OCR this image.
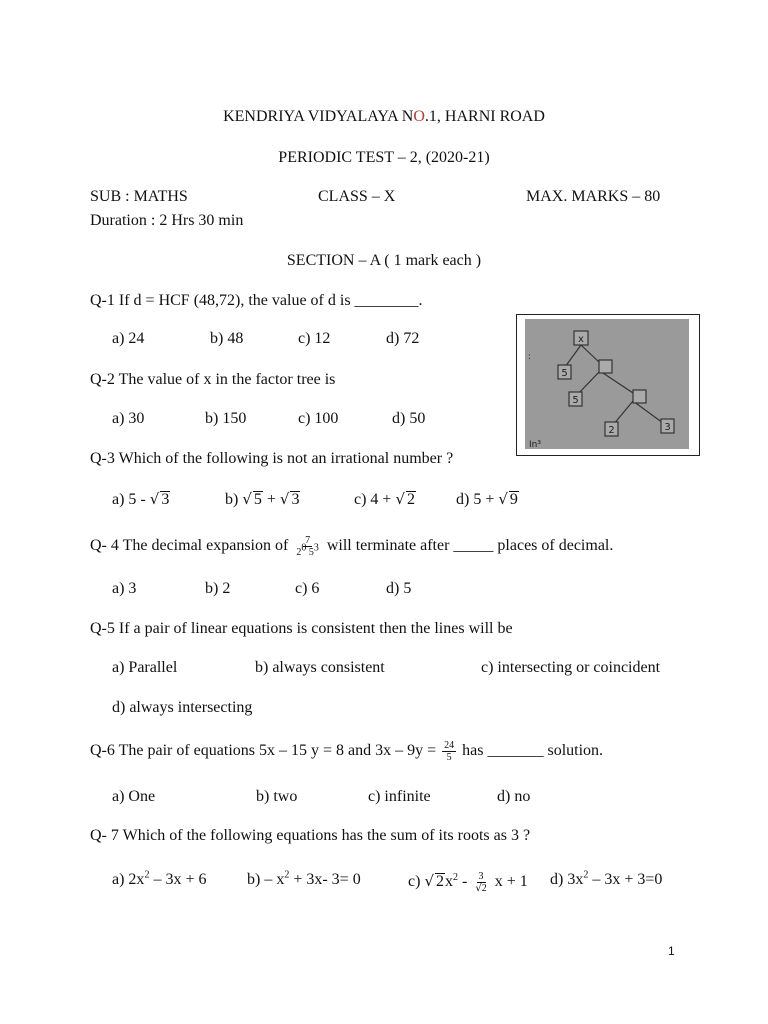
KENDRIYA VIDYALAYA NO.1, HARNI ROAD
PERIODIC TEST – 2, (2020-21)
SUB : MATHS	CLASS – X	MAX. MARKS – 80
Duration : 2 Hrs 30 min
SECTION – A ( 1 mark each )
Q-1 If d = HCF (48,72), the value of d is ________.
a) 24	b) 48	c) 12	d) 72	x
5
5
2	3
In³
:
Q-2 The value of x in the factor tree is
a) 30	b) 150	c) 100	d) 50
Q-3 Which of the following is not an irrational number ?
a) 5 - √ 3	b) √ 5 + √ 3	c) 4 + √ 2	d) 5 + √ 9
Q- 4 The decimal expansion of $\frac{7}{2^0 5^3}$ will terminate after _____ places of decimal.
a) 3	b) 2	c) 6	d) 5
Q-5 If a pair of linear equations is consistent then the lines will be
a) Parallel	b) always consistent	c) intersecting or coincident
d) always intersecting
Q-6 The pair of equations 5x – 15 y = 8 and $3x - 9y = \frac{24}{5}$ has _______ solution.
a) One	b) two	c) infinite	d) no
Q- 7 Which of the following equations has the sum of its roots as 3 ?
a) $2x^2 - 3x + 6$	$b) - x^2 + 3x-$ 3= 0	c) √ $2x^2 - \frac{3}{√2}$ x + 1 d) $3x^2 - 3x + 3=0$
1
